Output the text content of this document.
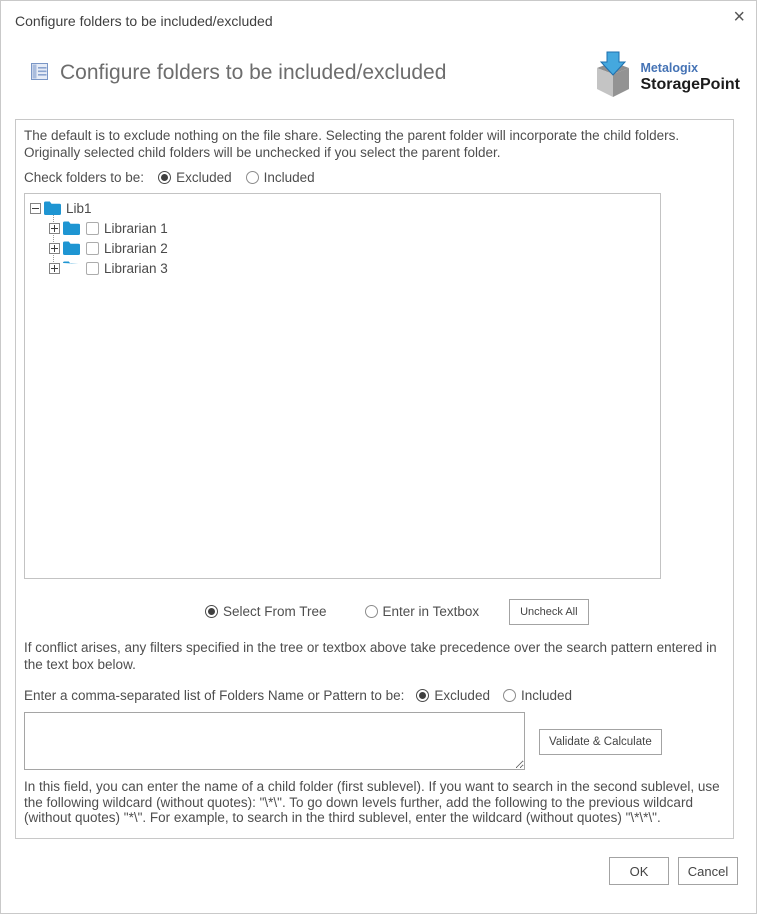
Configure folders to be included/excluded	×
Configure folders to be included/excluded	Metalogix
StoragePoint

The default is to exclude nothing on the file share. Selecting the parent folder will incorporate the child folders. Originally selected child folders will be unchecked if you select the parent folder.

Check folders to be: Excluded Included
Lib1
Librarian 1
Librarian 2
Librarian 3
Select From Tree	Enter in Textbox	Uncheck All

If conflict arises, any filters specified in the tree or textbox above take precedence over the search pattern entered in the text box below.

Enter a comma-separated list of Folders Name or Pattern to be: Excluded Included
Validate & Calculate

In this field, you can enter the name of a child folder (first sublevel). If you want to search in the second sublevel, use the following wildcard (without quotes): "\*\". To go down levels further, add the following to the previous wildcard (without quotes) "*\". For example, to search in the third sublevel, enter the wildcard (without quotes) "\*\*\".

OK	Cancel
